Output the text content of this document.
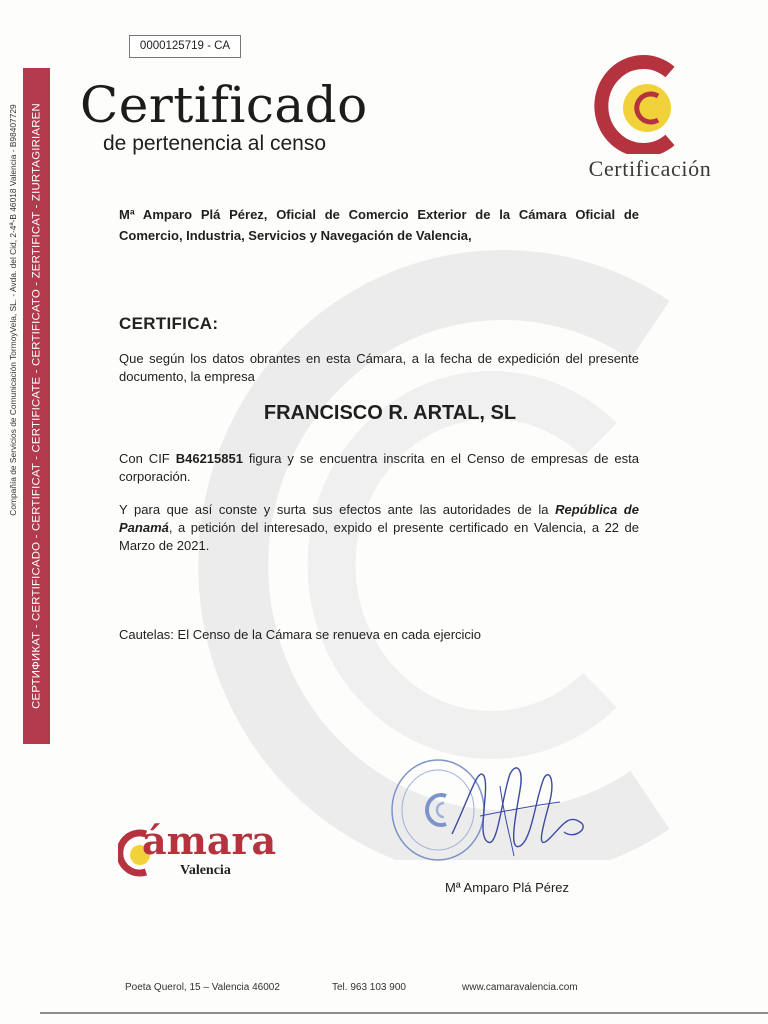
СЕРТИФИКАТ - CERTIFICADO - CERTIFICAT - CERTIFICATE - CERTIFICATO - ZERTIFICAT - ZIURTAGIRIAREN
Compañía de Servicios de Comunicación TormoyVela, SL. - Avda. del Cid, 2-4ª-B 46018 Valencia - B98407729
0000125719 - CA
Certificado
de pertenencia al censo
Certificación
Mª Amparo Plá Pérez, Oficial de Comercio Exterior de la Cámara Oficial de Comercio, Industria, Servicios y Navegación de Valencia,
CERTIFICA:
Que según los datos obrantes en esta Cámara, a la fecha de expedición del presente documento, la empresa
FRANCISCO R. ARTAL, SL
Con CIF B46215851 figura y se encuentra inscrita en el Censo de empresas de esta corporación.
Y para que así conste y surta sus efectos ante las autoridades de la República de Panamá, a petición del interesado, expido el presente certificado en Valencia, a 22 de Marzo de 2021.
Cautelas: El Censo de la Cámara se renueva en cada ejercicio
ámara
Valencia
Mª Amparo Plá Pérez
Poeta Querol, 15 – Valencia 46002	Tel. 963 103 900	www.camaravalencia.com
